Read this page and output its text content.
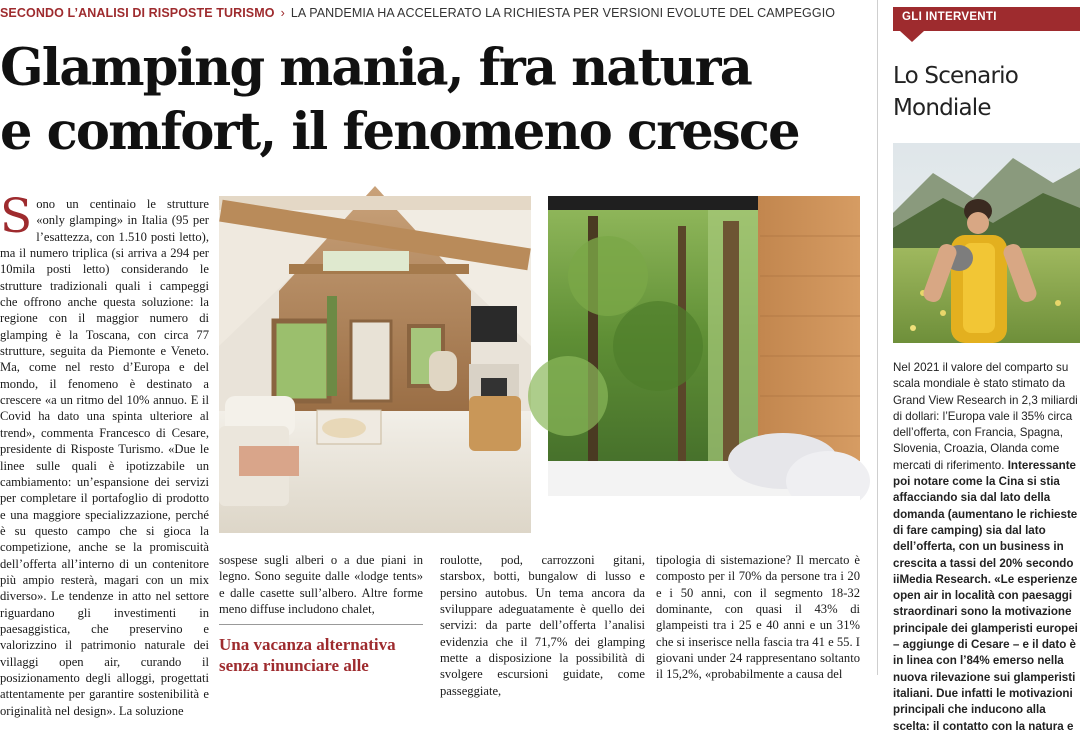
SECONDO L’ANALISI DI RISPOSTE TURISMO › LA PANDEMIA HA ACCELERATO LA RICHIESTA PER VERSIONI EVOLUTE DEL CAMPEGGIO
Glamping mania, fra natura
e comfort, il fenomeno cresce
Sono un centinaio le strutture «only glamping» in Italia (95 per l’esattezza, con 1.510 posti letto), ma il numero triplica (si arriva a 294 per 10mila posti letto) considerando le strutture tradizionali quali i campeggi che offrono anche questa soluzione: la regione con il maggior numero di glamping è la Toscana, con circa 77 strutture, seguita da Piemonte e Veneto. Ma, come nel resto d’Europa e del mondo, il fenomeno è destinato a crescere «a un ritmo del 10% annuo. E il Covid ha dato una spinta ulteriore al trend», commenta Francesco di Cesare, presidente di Risposte Turismo. «Due le linee sulle quali è ipotizzabile un cambiamento: un’espansione dei servizi per completare il portafoglio di prodotto e una maggiore specializzazione, perché è su questo campo che si gioca la competizione, anche se la promiscuità dell’offerta all’interno di un contenitore più ampio resterà, magari con un mix diverso». Le tendenze in atto nel settore riguardano gli investimenti in paesaggistica, che preservino e valorizzino il patrimonio naturale dei villaggi open air, curando il posizionamento degli alloggi, progettati attentamente per garantire sostenibilità e originalità nel design». La soluzione
sospese sugli alberi o a due piani in legno. Sono seguite dalle «lodge tents» e dalle casette sull’albero. Altre forme meno diffuse includono chalet,
Una vacanza alternativa senza rinunciare alle
roulotte, pod, carrozzoni gitani, starsbox, botti, bungalow di lusso e persino autobus. Un tema ancora da sviluppare adeguatamente è quello dei servizi: da parte dell’offerta l’analisi evidenzia che il 71,7% dei glamping mette a disposizione la possibilità di svolgere escursioni guidate, come passeggiate,
tipologia di sistemazione? Il mercato è composto per il 70% da persone tra i 20 e i 50 anni, con il segmento 18-32 dominante, con quasi il 43% di glampeisti tra i 25 e 40 anni e un 31% che si inserisce nella fascia tra 41 e 55. I giovani under 24 rappresentano soltanto il 15,2%, «probabilmente a causa del
GLI INTERVENTI
Lo Scenario Mondiale
Nel 2021 il valore del comparto su scala mondiale è stato stimato da Grand View Research in 2,3 miliardi di dollari: l’Europa vale il 35% circa dell’offerta, con Francia, Spagna, Slovenia, Croazia, Olanda come mercati di riferimento. Interessante poi notare come la Cina si stia affacciando sia dal lato della domanda (aumentano le richieste di fare camping) sia dal lato dell’offerta, con un business in crescita a tassi del 20% secondo iiMedia Research. «Le esperienze open air in località con paesaggi straordinari sono la motivazione principale dei glamperisti europei – aggiunge di Cesare – e il dato è in linea con l’84% emerso nella nuova rilevazione sui glamperisti italiani. Due infatti le motivazioni principali che inducono alla scelta: il contatto con la natura e
